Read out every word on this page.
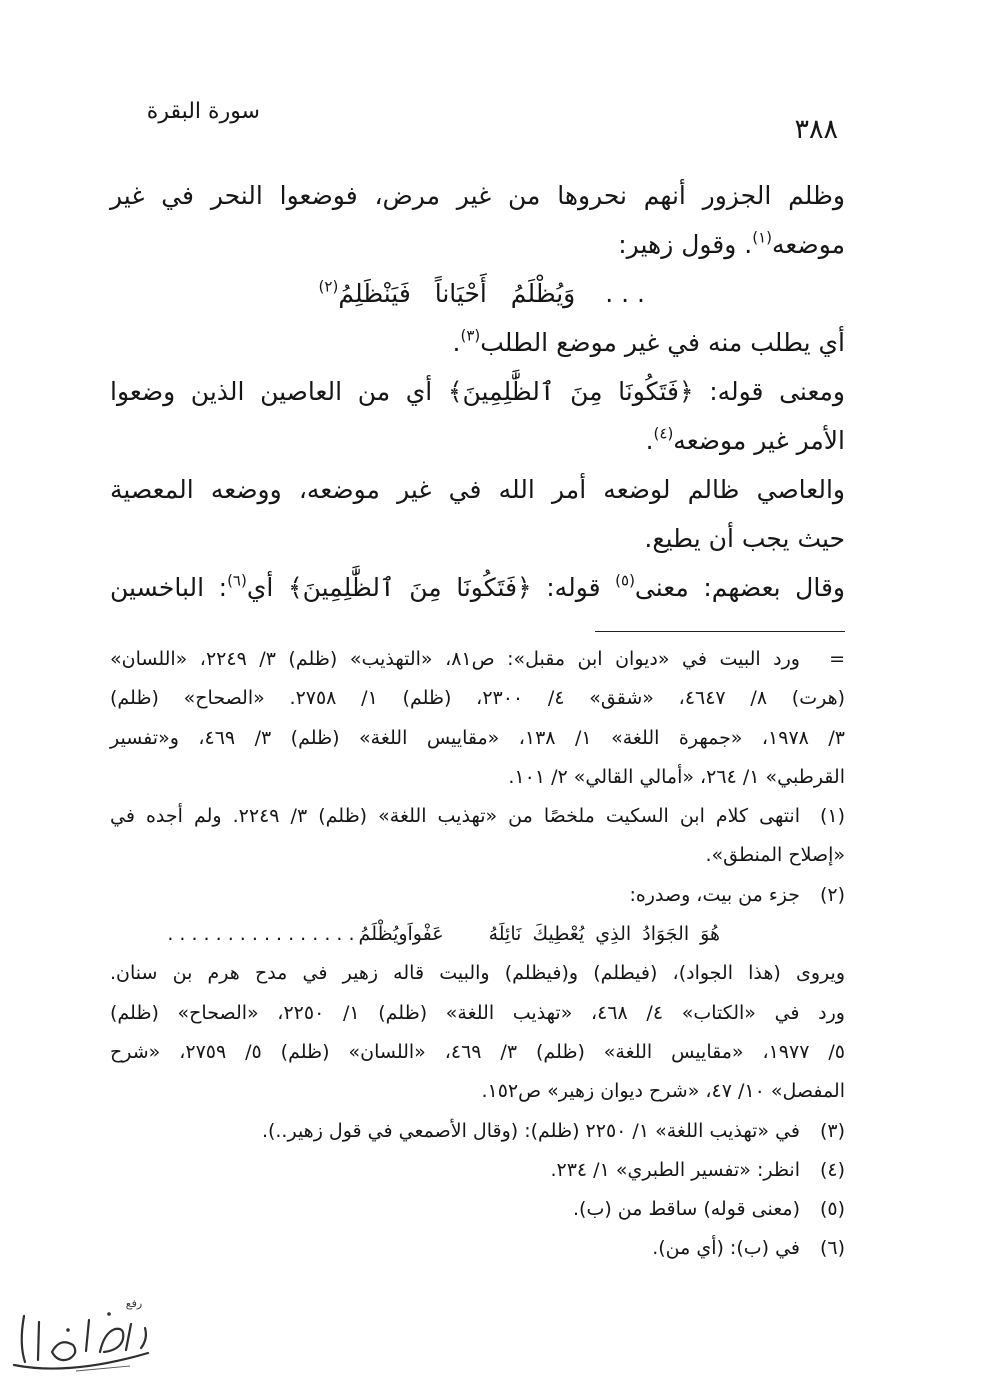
سورة البقرة
٣٨٨
وظلم الجزور أنهم نحروها من غير مرض، فوضعوا النحر في غير
موضعه$^{(١)}$. وقول زهير:
. . .وَيُظْلَمُ أَحْيَاناً فَيَنْظَلِمُ$^{(٢)}$
أي يطلب منه في غير موضع الطلب$^{(٣)}$.
ومعنى قوله: ﴿فَتَكُونَا مِنَ ٱلظَّٰلِمِينَ﴾ أي من العاصين الذين وضعوا
الأمر غير موضعه$^{(٤)}$.
والعاصي ظالم لوضعه أمر الله في غير موضعه، ووضعه المعصية
حيث يجب أن يطيع.
وقال بعضهم: معنى$^{(٥)}$ قوله: ﴿فَتَكُونَا مِنَ ٱلظَّٰلِمِينَ﴾ أي$^{(٦)}$: الباخسين
=
ورد البيت في «ديوان ابن مقبل»: ص٨١، «التهذيب» (ظلم) ٣/ ٢٢٤٩، «اللسان»
(هرت) ٨/ ٤٦٤٧، «شقق» ٤/ ٢٣٠٠، (ظلم) ١/ ٢٧٥٨. «الصحاح» (ظلم)
٣/ ١٩٧٨، «جمهرة اللغة» ١/ ١٣٨، «مقاييس اللغة» (ظلم) ٣/ ٤٦٩، و«تفسير
القرطبي» ١/ ٢٦٤، «أمالي القالي» ٢/ ١٠١.
(١)
انتهى كلام ابن السكيت ملخصًا من «تهذيب اللغة» (ظلم) ٣/ ٢٢٤٩. ولم أجده في
«إصلاح المنطق».
(٢)
جزء من بيت، وصدره:
هُوَ الجَوَادُ الذِي يُعْطِيكَ نَائِلَهُعَفْواَويُظْلَمُ. . . . . . . . . . . . . . . .
ويروى (هذا الجواد)، (فيطلم) و(فيظلم) والبيت قاله زهير في مدح هرم بن سنان.
ورد في «الكتاب» ٤/ ٤٦٨، «تهذيب اللغة» (ظلم) ١/ ٢٢٥٠، «الصحاح» (ظلم)
٥/ ١٩٧٧، «مقاييس اللغة» (ظلم) ٣/ ٤٦٩، «اللسان» (ظلم) ٥/ ٢٧٥٩، «شرح
المفصل» ١٠/ ٤٧، «شرح ديوان زهير» ص١٥٢.
(٣)
في «تهذيب اللغة» ١/ ٢٢٥٠ (ظلم): (وقال الأصمعي في قول زهير..).
(٤)
انظر: «تفسير الطبري» ١/ ٢٣٤.
(٥)
(معنى قوله) ساقط من (ب).
(٦)
في (ب): (أي من).
رفع
